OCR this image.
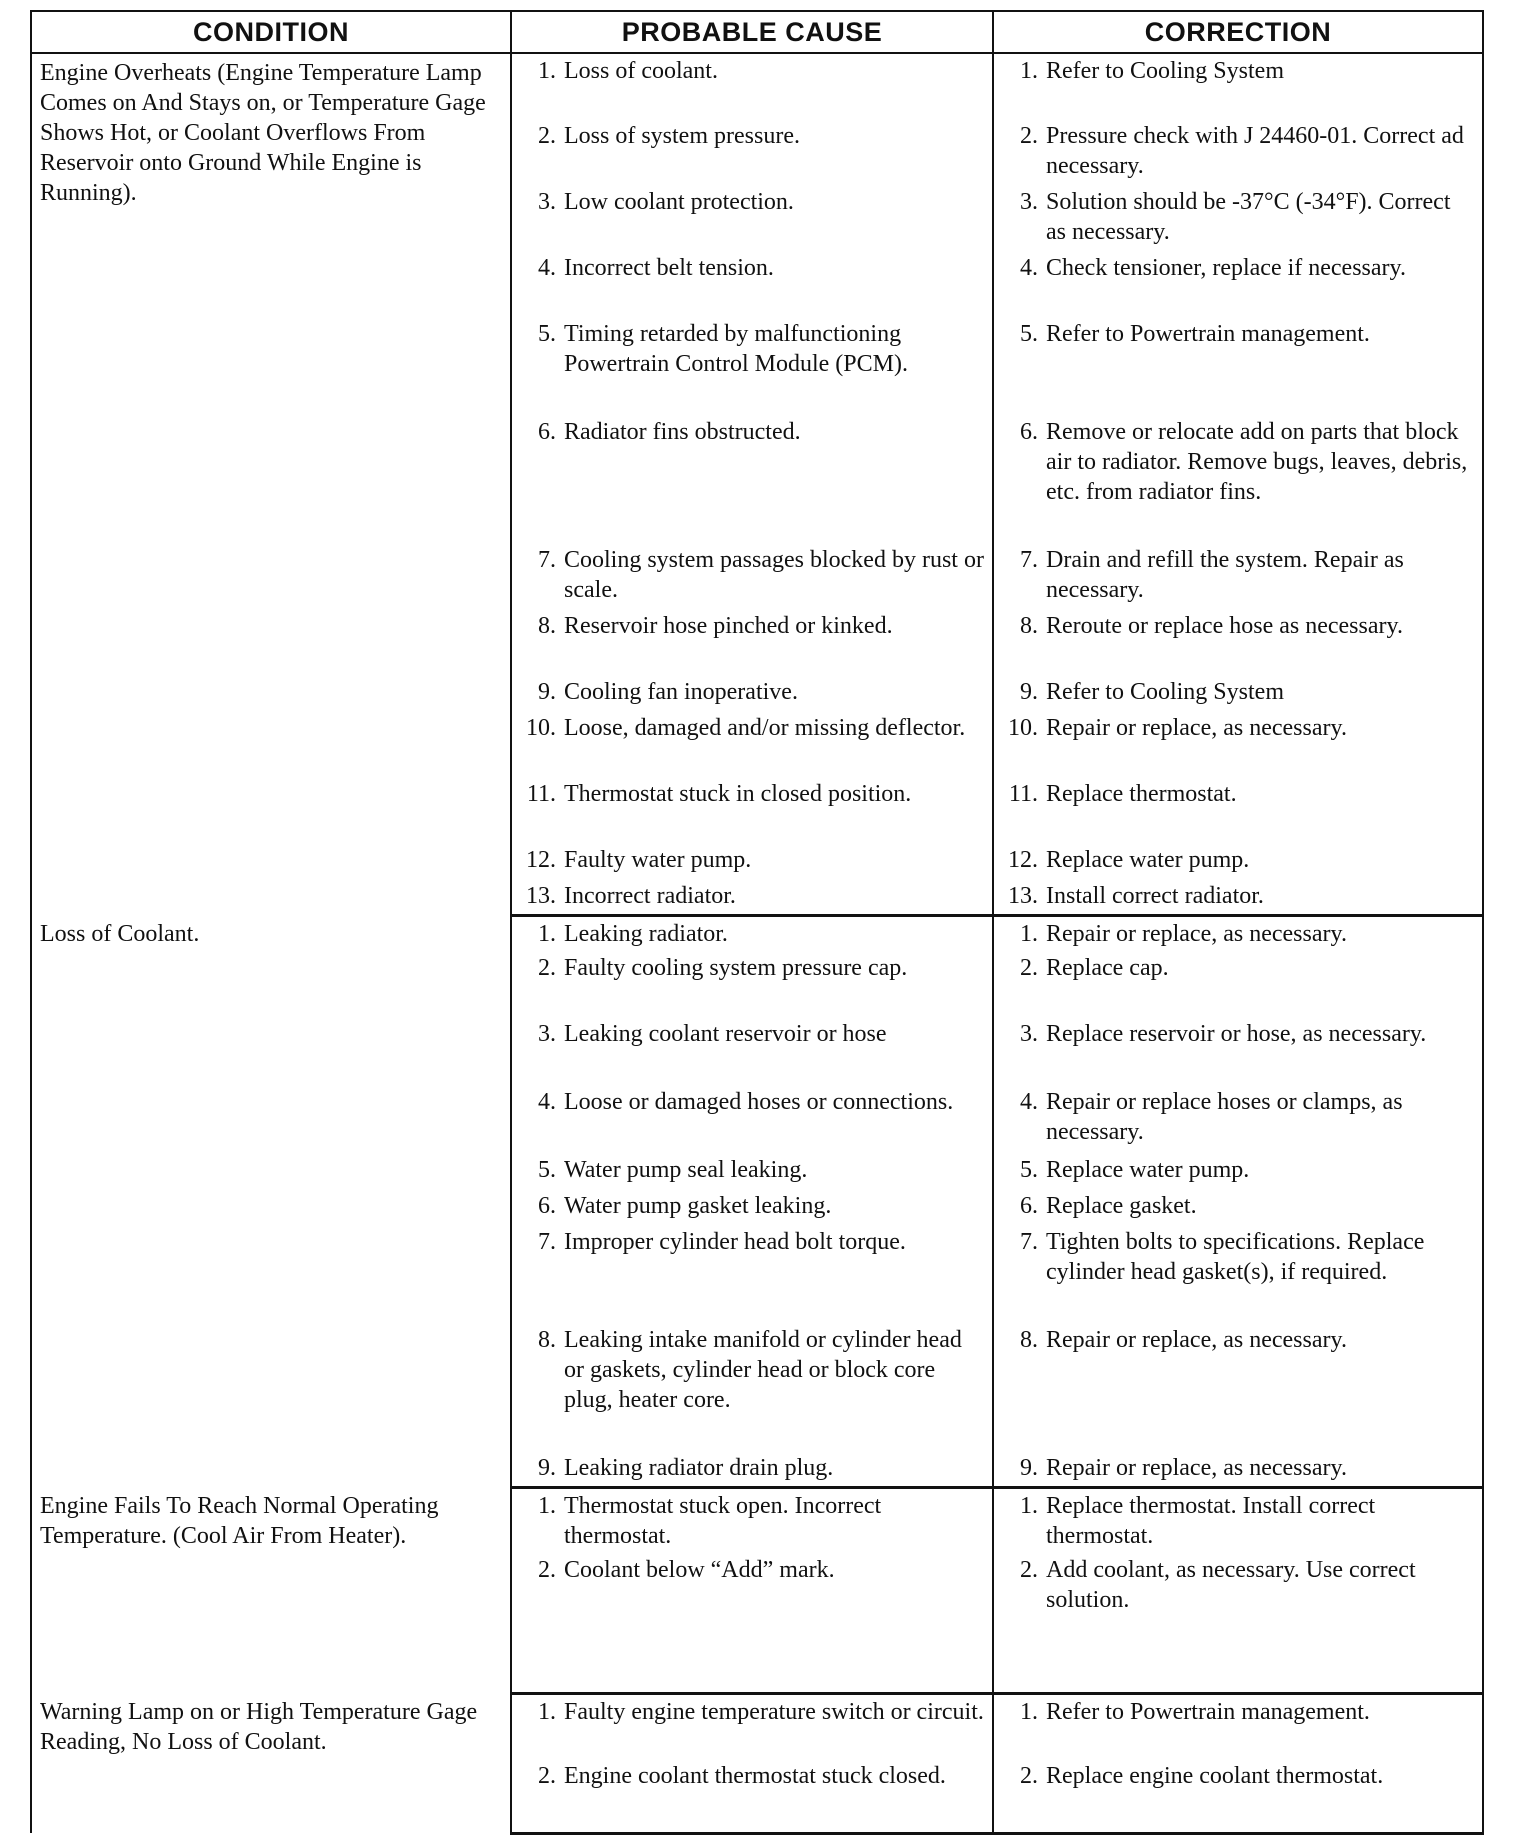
CONDITION	PROBABLE CAUSE	CORRECTION

Engine Overheats (Engine Temperature Lamp Comes on And Stays on, or Temperature Gage Shows Hot, or Coolant Overflows From Reservoir onto Ground While Engine is Running).	1. Loss of coolant.	1. Refer to Cooling System

	2. Loss of system pressure.	2. Pressure check with J 24460-01. Correct ad necessary.

	3. Low coolant protection.	3. Solution should be -37°C (-34°F). Correct as necessary.

	4. Incorrect belt tension.	4. Check tensioner, replace if necessary.

	5. Timing retarded by malfunctioning Powertrain Control Module (PCM).	5. Refer to Powertrain management.

	6. Radiator fins obstructed.	6. Remove or relocate add on parts that block air to radiator. Remove bugs, leaves, debris, etc. from radiator fins.

	7. Cooling system passages blocked by rust or scale.	7. Drain and refill the system. Repair as necessary.

	8. Reservoir hose pinched or kinked.	8. Reroute or replace hose as necessary.

	9. Cooling fan inoperative.	9. Refer to Cooling System

	10. Loose, damaged and/or missing deflector.	10. Repair or replace, as necessary.

	11. Thermostat stuck in closed position.	11. Replace thermostat.

	12. Faulty water pump.	12. Replace water pump.

	13. Incorrect radiator.	13. Install correct radiator.

Loss of Coolant.	1. Leaking radiator.	1. Repair or replace, as necessary.

	2. Faulty cooling system pressure cap.	2. Replace cap.

	3. Leaking coolant reservoir or hose	3. Replace reservoir or hose, as necessary.

	4. Loose or damaged hoses or connections.	4. Repair or replace hoses or clamps, as necessary.

	5. Water pump seal leaking.	5. Replace water pump.

	6. Water pump gasket leaking.	6. Replace gasket.

	7. Improper cylinder head bolt torque.	7. Tighten bolts to specifications. Replace cylinder head gasket(s), if required.

	8. Leaking intake manifold or cylinder head or gaskets, cylinder head or block core plug, heater core.	8. Repair or replace, as necessary.

	9. Leaking radiator drain plug.	9. Repair or replace, as necessary.

Engine Fails To Reach Normal Operating Temperature. (Cool Air From Heater).	1. Thermostat stuck open. Incorrect thermostat.	1. Replace thermostat. Install correct thermostat.

	2. Coolant below “Add” mark.	2. Add coolant, as necessary. Use correct solution.

Warning Lamp on or High Temperature Gage Reading, No Loss of Coolant.	1. Faulty engine temperature switch or circuit.	1. Refer to Powertrain management.

	2. Engine coolant thermostat stuck closed.	2. Replace engine coolant thermostat.
